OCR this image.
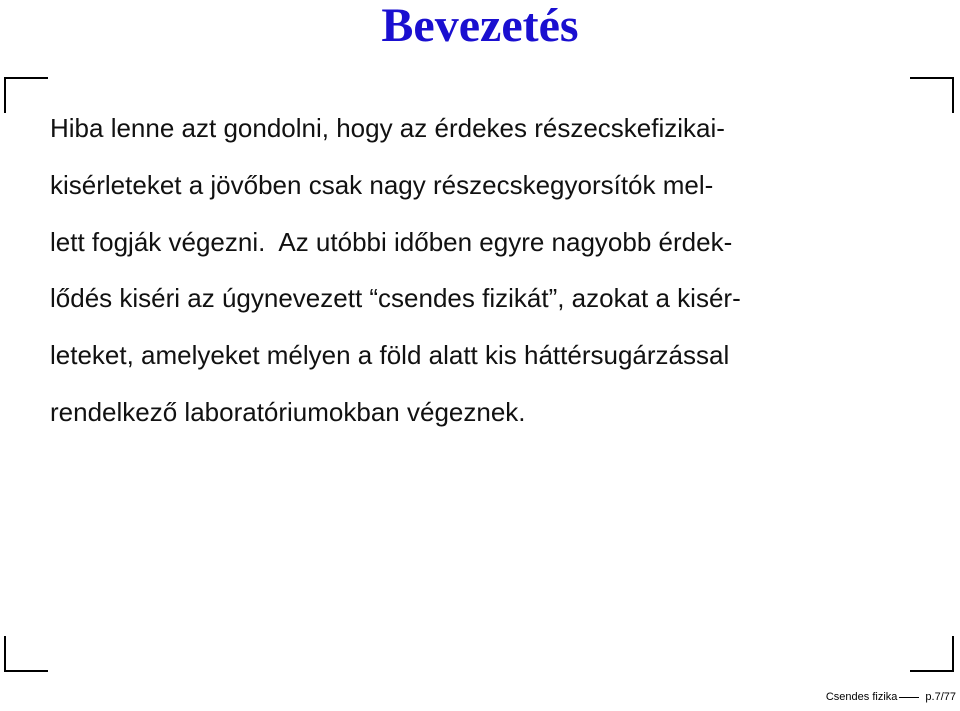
Bevezetés

Hiba lenne azt gondolni, hogy az érdekes részecskefizikai-
kisérleteket a jövőben csak nagy részecskegyorsítók mel-
lett fogják végezni.  Az utóbbi időben egyre nagyobb érdek-
lődés kiséri az úgynevezett “csendes fizikát”, azokat a kisér-
leteket, amelyeket mélyen a föld alatt kis háttérsugárzással
rendelkező laboratóriumokban végeznek.

Csendes fizika	p.7/77
